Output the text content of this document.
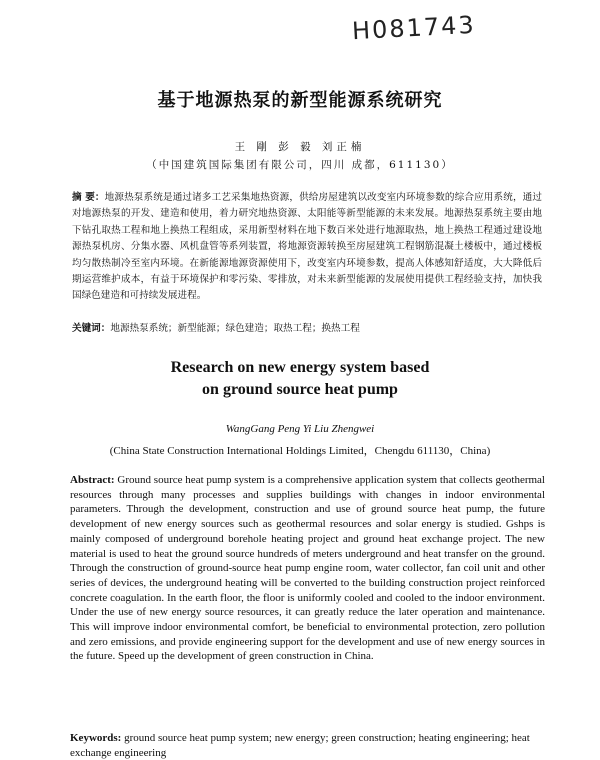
H081743
基于地源热泵的新型能源系统研究
王 剛 彭 毅 刘正楠
（中国建筑国际集团有限公司，四川 成都，611130）

摘 要：地源热泵系统是通过诸多工艺采集地热资源，供给房屋建筑以改变室内环境参数的综合应用系统，通过对地源热泵的开发、建造和使用，着力研究地热资源、太阳能等新型能源的未来发展。地源热泵系统主要由地下钻孔取热工程和地上换热工程组成，采用新型材料在地下数百米处进行地源取热，地上换热工程通过建设地源热泵机房、分集水器、风机盘管等系列装置，将地源资源转换至房屋建筑工程钢筋混凝土楼板中，通过楼板均匀散热制冷至室内环境。在新能源地源资源使用下，改变室内环境参数，提高人体感知舒适度，大大降低后期运营维护成本，有益于环境保护和零污染、零排放，对未来新型能源的发展使用提供工程经验支持，加快我国绿色建造和可持续发展进程。

关键词：地源热泵系统；新型能源；绿色建造；取热工程；换热工程

Research on new energy system based
on ground source heat pump
WangGang Peng Yi Liu Zhengwei
(China State Construction International Holdings Limited，Chengdu 611130，China)

Abstract: Ground source heat pump system is a comprehensive application system that collects geothermal resources through many processes and supplies buildings with changes in indoor environmental parameters. Through the development, construction and use of ground source heat pump, the future development of new energy sources such as geothermal resources and solar energy is studied. Gshps is mainly composed of underground borehole heating project and ground heat exchange project. The new material is used to heat the ground source hundreds of meters underground and heat transfer on the ground. Through the construction of ground-source heat pump engine room, water collector, fan coil unit and other series of devices, the underground heating will be converted to the building construction project reinforced concrete coagulation. In the earth floor, the floor is uniformly cooled and cooled to the indoor environment. Under the use of new energy source resources, it can greatly reduce the later operation and maintenance. This will improve indoor environmental comfort, be beneficial to environmental protection, zero pollution and zero emissions, and provide engineering support for the development and use of new energy sources in the future. Speed up the development of green construction in China.

Keywords: ground source heat pump system; new energy; green construction; heating engineering; heat exchange engineering
